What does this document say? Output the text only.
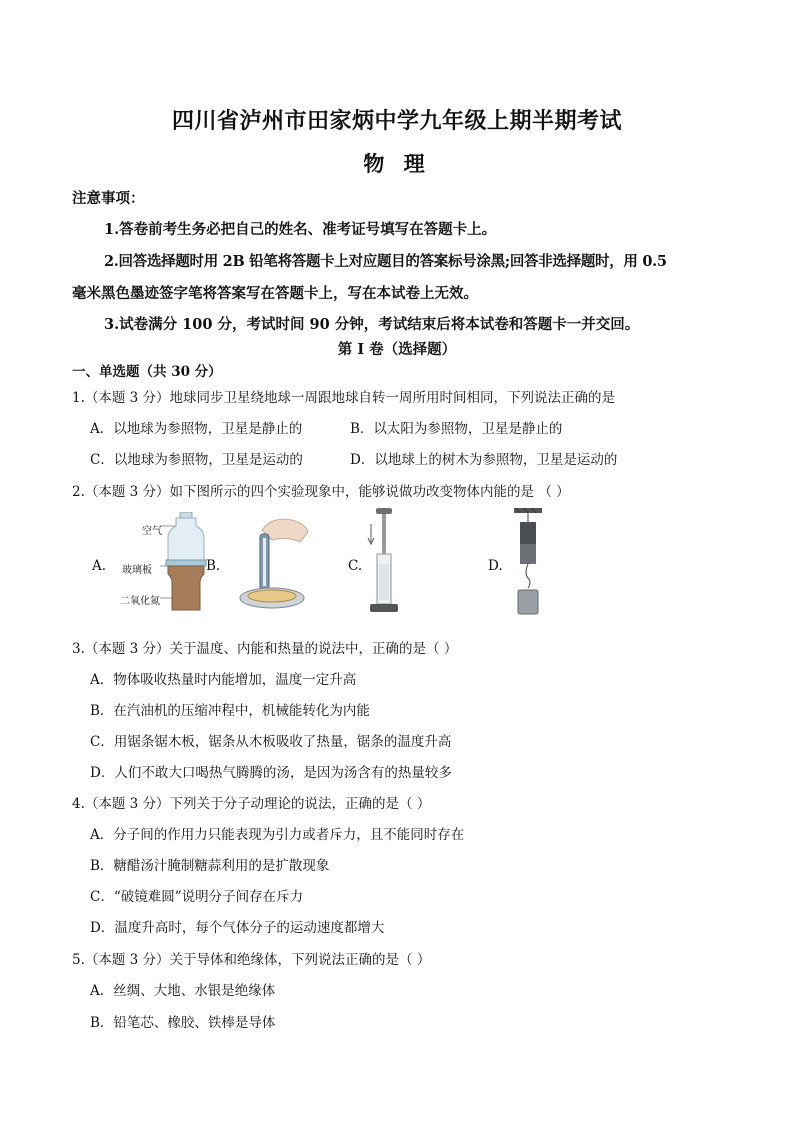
四川省泸州市田家炳中学九年级上期半期考试
物 理
注意事项：
1.答卷前考生务必把自己的姓名、准考证号填写在答题卡上。
2.回答选择题时用 2B 铅笔将答题卡上对应题目的答案标号涂黑;回答非选择题时，用 0.5
毫米黑色墨迹签字笔将答案写在答题卡上，写在本试卷上无效。
3.试卷满分 100 分，考试时间 90 分钟，考试结束后将本试卷和答题卡一并交回。
第 I 卷（选择题）
一、单选题（共 30 分）
1.（本题 3 分）地球同步卫星绕地球一周跟地球自转一周所用时间相同，下列说法正确的是
A．以地球为参照物，卫星是静止的	B．以太阳为参照物，卫星是静止的
C．以地球为参照物，卫星是运动的	D．以地球上的树木为参照物，卫星是运动的
2.（本题 3 分）如下图所示的四个实验现象中，能够说做功改变物体内能的是 （ ）
A.
空气
玻璃板
二氧化氮
B.	C.	D.
3.（本题 3 分）关于温度、内能和热量的说法中，正确的是（ ）
A．物体吸收热量时内能增加，温度一定升高
B．在汽油机的压缩冲程中，机械能转化为内能
C．用锯条锯木板，锯条从木板吸收了热量，锯条的温度升高
D．人们不敢大口喝热气腾腾的汤，是因为汤含有的热量较多
4.（本题 3 分）下列关于分子动理论的说法，正确的是（ ）
A．分子间的作用力只能表现为引力或者斥力，且不能同时存在
B．糖醋汤汁腌制糖蒜利用的是扩散现象
C．“破镜难圆”说明分子间存在斥力
D．温度升高时，每个气体分子的运动速度都增大
5.（本题 3 分）关于导体和绝缘体，下列说法正确的是（ ）
A．丝绸、大地、水银是绝缘体
B．铅笔芯、橡胶、铁棒是导体
